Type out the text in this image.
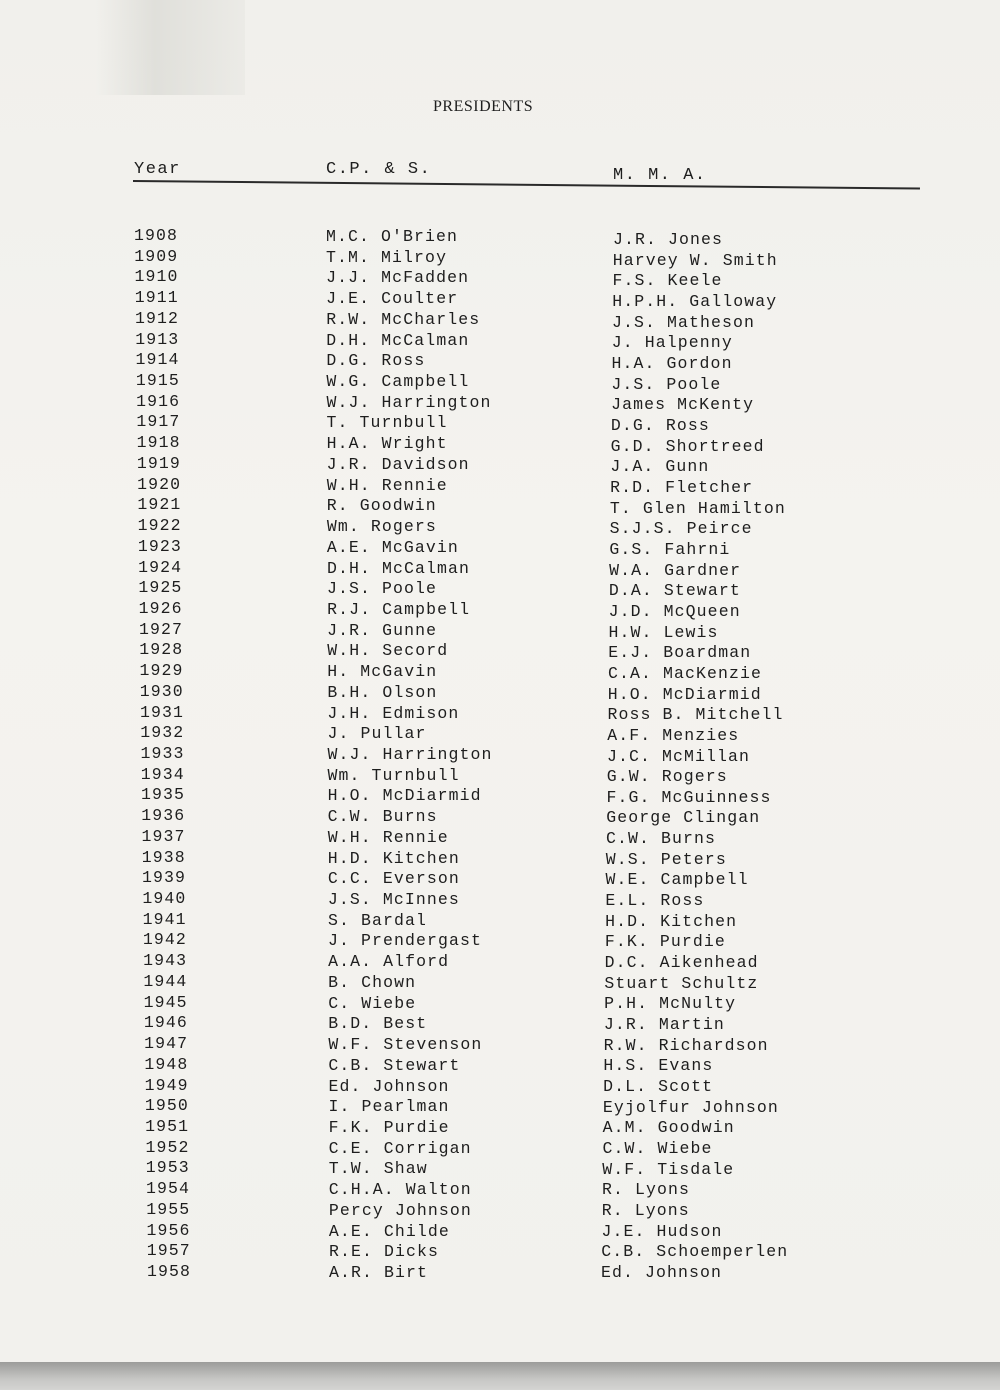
PRESIDENTS
Year	C.P. & S.	M. M. A.
1908	M.C. O'Brien	J.R. Jones
1909	T.M. Milroy	Harvey W. Smith
1910	J.J. McFadden	F.S. Keele
1911	J.E. Coulter	H.P.H. Galloway
1912	R.W. McCharles	J.S. Matheson
1913	D.H. McCalman	J. Halpenny
1914	D.G. Ross	H.A. Gordon
1915	W.G. Campbell	J.S. Poole
1916	W.J. Harrington	James McKenty
1917	T. Turnbull	D.G. Ross
1918	H.A. Wright	G.D. Shortreed
1919	J.R. Davidson	J.A. Gunn
1920	W.H. Rennie	R.D. Fletcher
1921	R. Goodwin	T. Glen Hamilton
1922	Wm. Rogers	S.J.S. Peirce
1923	A.E. McGavin	G.S. Fahrni
1924	D.H. McCalman	W.A. Gardner
1925	J.S. Poole	D.A. Stewart
1926	R.J. Campbell	J.D. McQueen
1927	J.R. Gunne	H.W. Lewis
1928	W.H. Secord	E.J. Boardman
1929	H. McGavin	C.A. MacKenzie
1930	B.H. Olson	H.O. McDiarmid
1931	J.H. Edmison	Ross B. Mitchell
1932	J. Pullar	A.F. Menzies
1933	W.J. Harrington	J.C. McMillan
1934	Wm. Turnbull	G.W. Rogers
1935	H.O. McDiarmid	F.G. McGuinness
1936	C.W. Burns	George Clingan
1937	W.H. Rennie	C.W. Burns
1938	H.D. Kitchen	W.S. Peters
1939	C.C. Everson	W.E. Campbell
1940	J.S. McInnes	E.L. Ross
1941	S. Bardal	H.D. Kitchen
1942	J. Prendergast	F.K. Purdie
1943	A.A. Alford	D.C. Aikenhead
1944	B. Chown	Stuart Schultz
1945	C. Wiebe	P.H. McNulty
1946	B.D. Best	J.R. Martin
1947	W.F. Stevenson	R.W. Richardson
1948	C.B. Stewart	H.S. Evans
1949	Ed. Johnson	D.L. Scott
1950	I. Pearlman	Eyjolfur Johnson
1951	F.K. Purdie	A.M. Goodwin
1952	C.E. Corrigan	C.W. Wiebe
1953	T.W. Shaw	W.F. Tisdale
1954	C.H.A. Walton	R. Lyons
1955	Percy Johnson	R. Lyons
1956	A.E. Childe	J.E. Hudson
1957	R.E. Dicks	C.B. Schoemperlen
1958	A.R. Birt	Ed. Johnson
